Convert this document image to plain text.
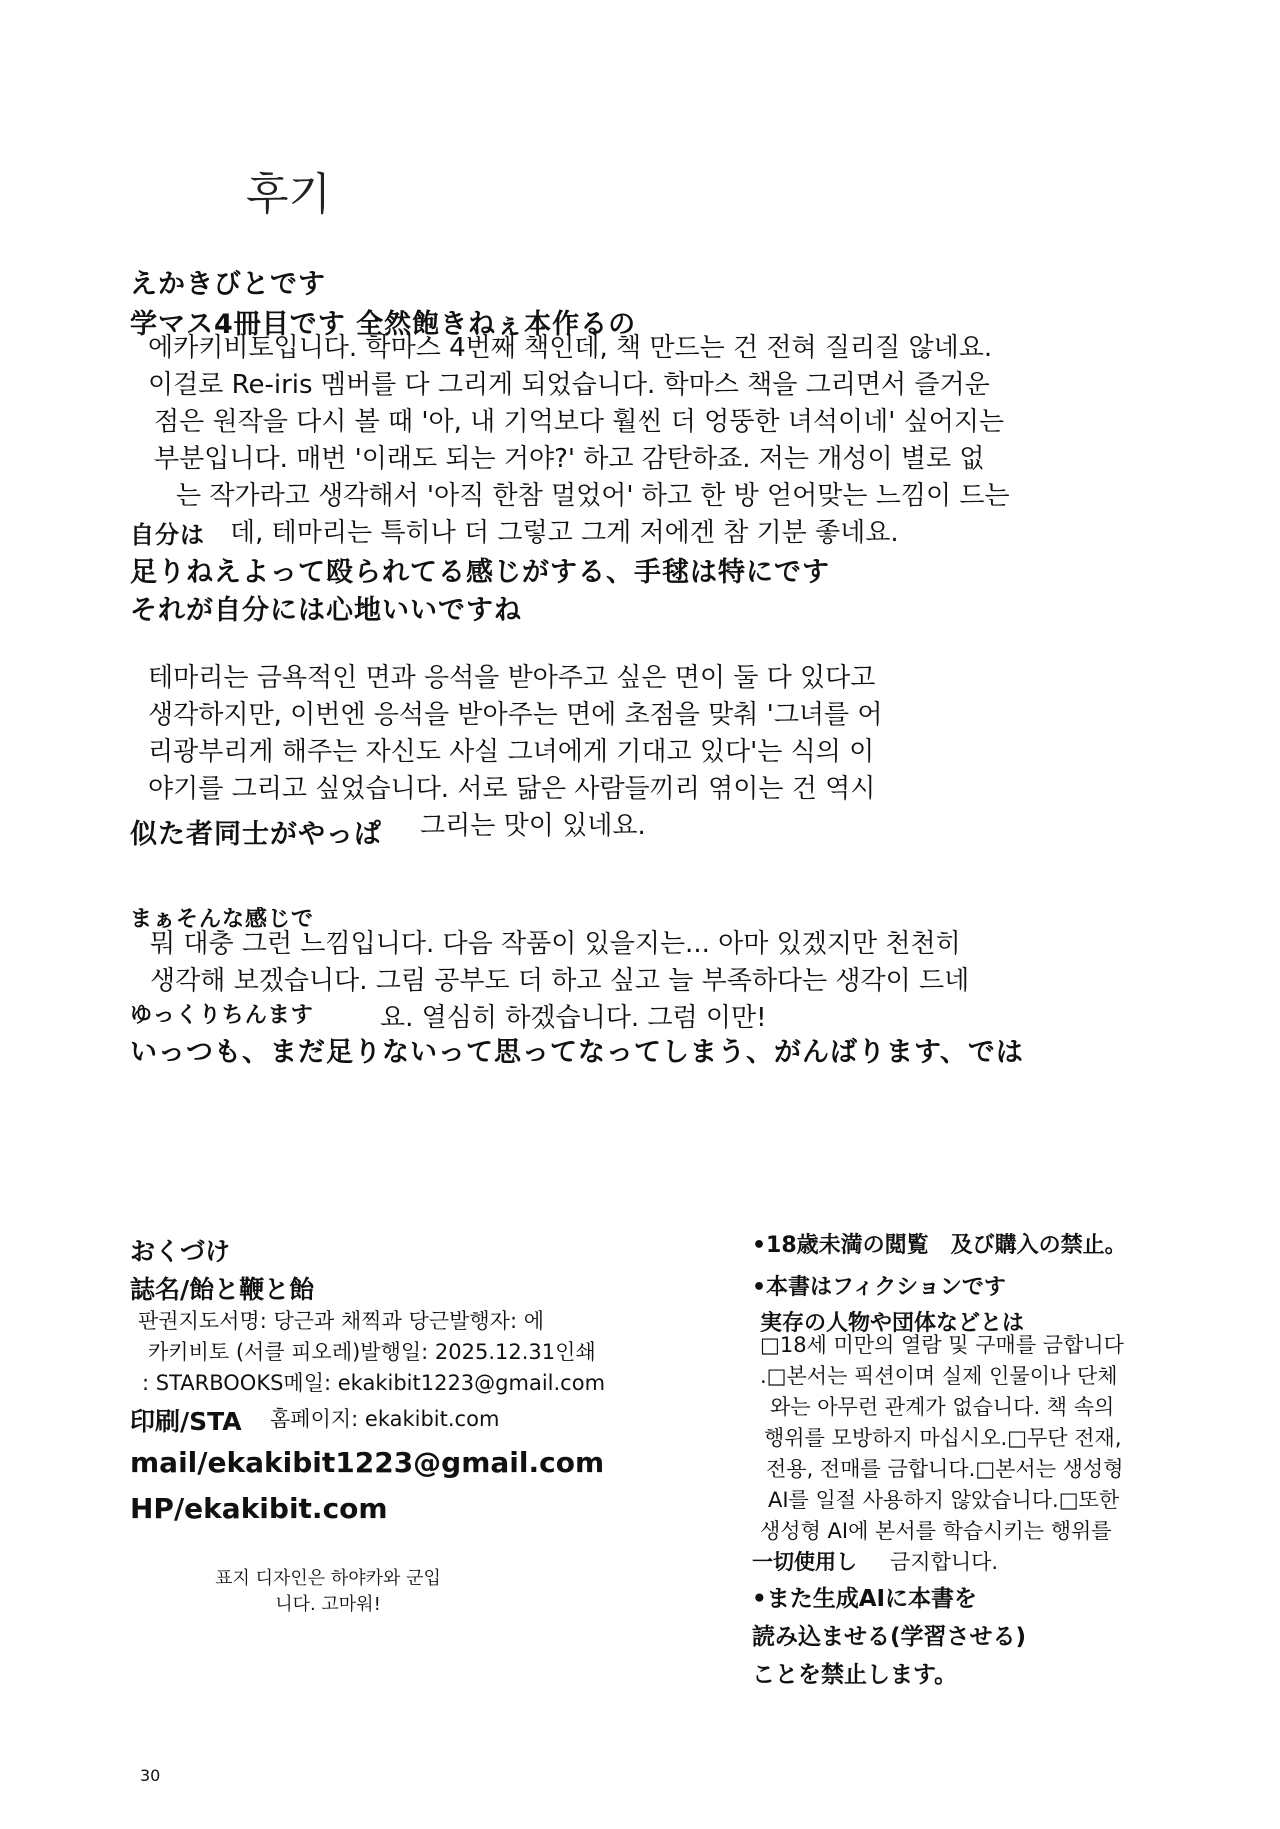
후기
えかきびとです
学マス4冊目です 全然飽きねぇ本作るの
에카키비토입니다. 학마스 4번째 책인데, 책 만드는 건 전혀 질리질 않네요.
이걸로 Re-iris 멤버를 다 그리게 되었습니다. 학마스 책을 그리면서 즐거운
점은 원작을 다시 볼 때 '아, 내 기억보다 훨씬 더 엉뚱한 녀석이네' 싶어지는
부분입니다. 매번 '이래도 되는 거야?' 하고 감탄하죠. 저는 개성이 별로 없
는 작가라고 생각해서 '아직 한참 멀었어' 하고 한 방 얻어맞는 느낌이 드는
데, 테마리는 특히나 더 그렇고 그게 저에겐 참 기분 좋네요.
自分は
足りねえよって殴られてる感じがする、手毬は特にです
それが自分には心地いいですね
테마리는 금욕적인 면과 응석을 받아주고 싶은 면이 둘 다 있다고
생각하지만, 이번엔 응석을 받아주는 면에 초점을 맞춰 '그녀를 어
리광부리게 해주는 자신도 사실 그녀에게 기대고 있다'는 식의 이
야기를 그리고 싶었습니다. 서로 닮은 사람들끼리 엮이는 건 역시
그리는 맛이 있네요.
似た者同士がやっぱ
まぁそんな感じで
뭐 대충 그런 느낌입니다. 다음 작품이 있을지는... 아마 있겠지만 천천히
생각해 보겠습니다. 그림 공부도 더 하고 싶고 늘 부족하다는 생각이 드네
요. 열심히 하겠습니다. 그럼 이만!
ゆっくりちんます
いっつも、まだ足りないって思ってなってしまう、がんばります、では
おくづけ
誌名/飴と鞭と飴
판권지도서명: 당근과 채찍과 당근발행자: 에
카키비토 (서클 피오레)발행일: 2025.12.31인쇄
: STARBOOKS메일: ekakibit1223@gmail.com
印刷/STA 홈페이지: ekakibit.com
mail/ekakibit1223@gmail.com
HP/ekakibit.com
표지 디자인은 하야카와 군입
니다. 고마워!
•18歳未満の閲覧　及び購入の禁止。
•本書はフィクションです
実存の人物や団体などとは
□18세 미만의 열람 및 구매를 금합니다
.□본서는 픽션이며 실제 인물이나 단체
와는 아무런 관계가 없습니다. 책 속의
행위를 모방하지 마십시오.□무단 전재,
전용, 전매를 금합니다.□본서는 생성형
AI를 일절 사용하지 않았습니다.□또한
생성형 AI에 본서를 학습시키는 행위를
금지합니다.
一切使用し
•また生成AIに本書を
読み込ませる(学習させる)
ことを禁止します。
30
